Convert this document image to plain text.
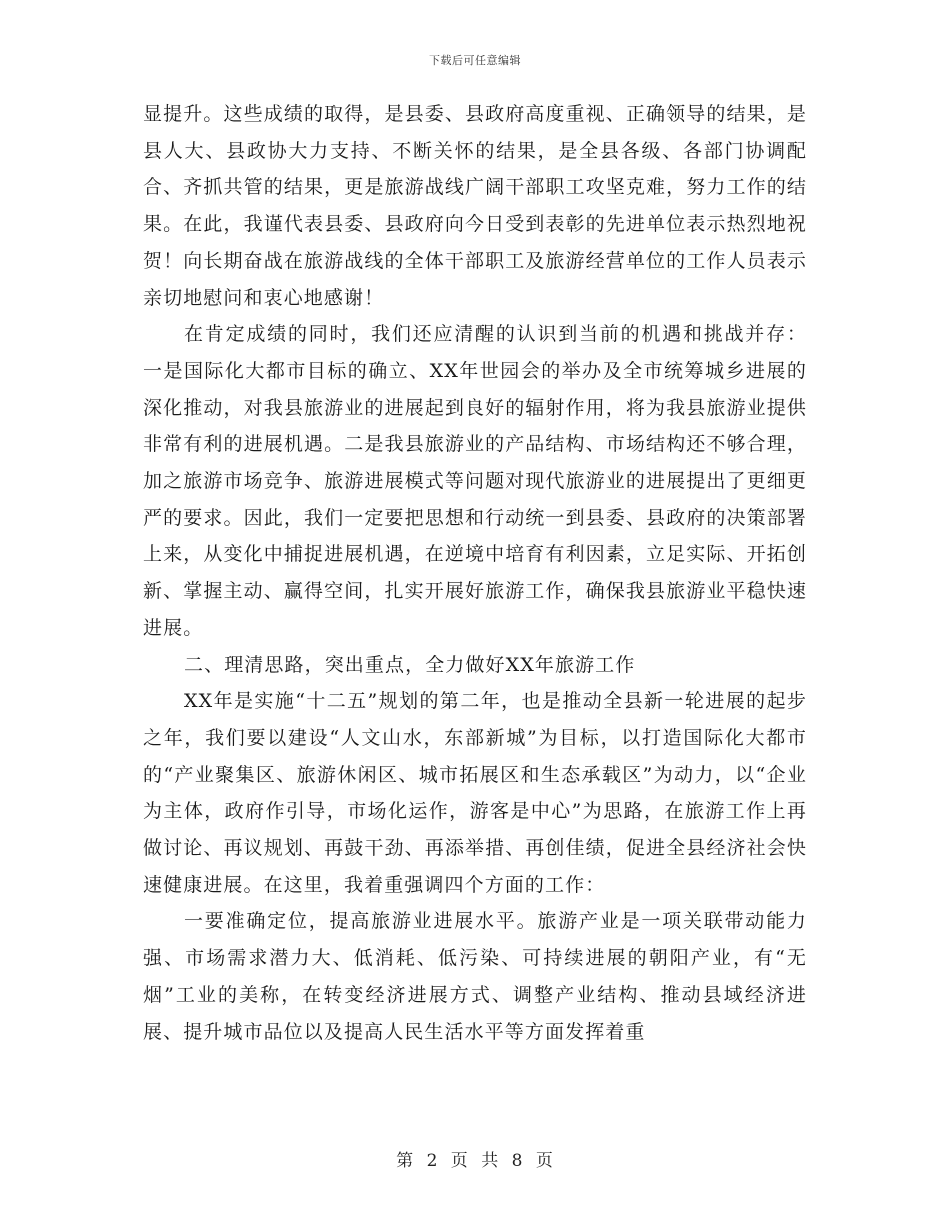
下载后可任意编辑

显提升。这些成绩的取得，是县委、县政府高度重视、正确领导的结果，是县人大、县政协大力支持、不断关怀的结果，是全县各级、各部门协调配合、齐抓共管的结果，更是旅游战线广阔干部职工攻坚克难，努力工作的结果。在此，我谨代表县委、县政府向今日受到表彰的先进单位表示热烈地祝贺！向长期奋战在旅游战线的全体干部职工及旅游经营单位的工作人员表示亲切地慰问和衷心地感谢！

在肯定成绩的同时，我们还应清醒的认识到当前的机遇和挑战并存：一是国际化大都市目标的确立、XX年世园会的举办及全市统筹城乡进展的深化推动，对我县旅游业的进展起到良好的辐射作用，将为我县旅游业提供非常有利的进展机遇。二是我县旅游业的产品结构、市场结构还不够合理，加之旅游市场竞争、旅游进展模式等问题对现代旅游业的进展提出了更细更严的要求。因此，我们一定要把思想和行动统一到县委、县政府的决策部署上来，从变化中捕捉进展机遇，在逆境中培育有利因素，立足实际、开拓创新、掌握主动、赢得空间，扎实开展好旅游工作，确保我县旅游业平稳快速进展。

二、理清思路，突出重点，全力做好XX年旅游工作

XX年是实施“十二五”规划的第二年，也是推动全县新一轮进展的起步之年，我们要以建设“人文山水，东部新城”为目标，以打造国际化大都市的“产业聚集区、旅游休闲区、城市拓展区和生态承载区”为动力，以“企业为主体，政府作引导，市场化运作，游客是中心”为思路，在旅游工作上再做讨论、再议规划、再鼓干劲、再添举措、再创佳绩，促进全县经济社会快速健康进展。在这里，我着重强调四个方面的工作：

一要准确定位，提高旅游业进展水平。旅游产业是一项关联带动能力强、市场需求潜力大、低消耗、低污染、可持续进展的朝阳产业，有“无烟”工业的美称，在转变经济进展方式、调整产业结构、推动县域经济进展、提升城市品位以及提高人民生活水平等方面发挥着重

第 2 页 共 8 页
